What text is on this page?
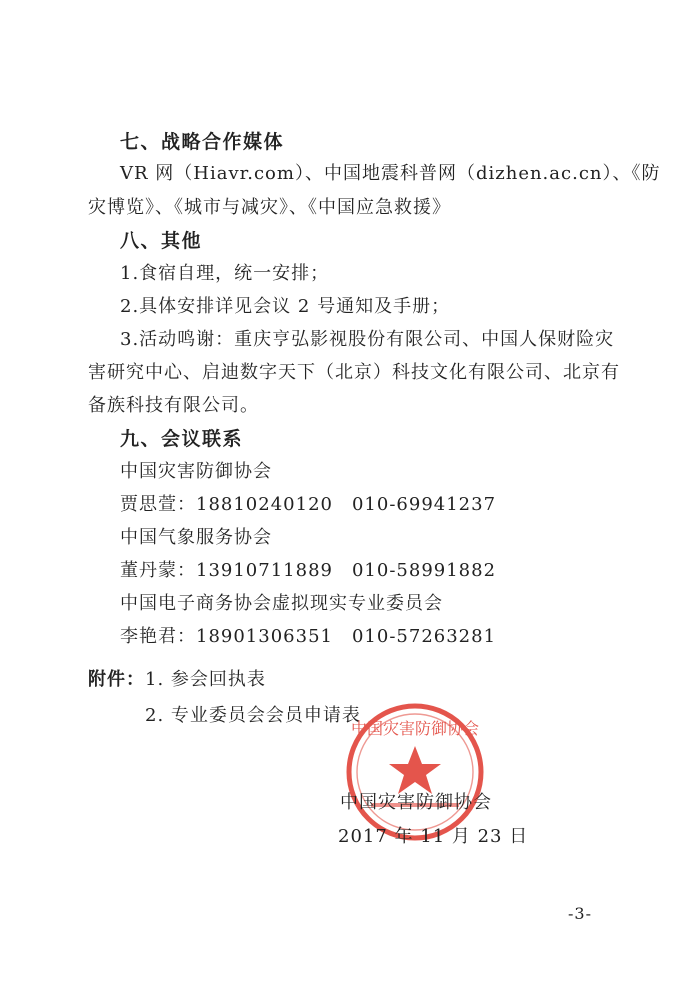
七、战略合作媒体
VR 网（Hiavr.com）、中国地震科普网（dizhen.ac.cn）、《防
灾博览》、《城市与减灾》、《中国应急救援》
八、其他
1.食宿自理，统一安排；
2.具体安排详见会议 2 号通知及手册；
3.活动鸣谢：重庆亨弘影视股份有限公司、中国人保财险灾
害研究中心、启迪数字天下（北京）科技文化有限公司、北京有
备族科技有限公司。
九、会议联系
中国灾害防御协会
贾思萱：18810240120　010-69941237
中国气象服务协会
董丹蒙：13910711889　010-58991882
中国电子商务协会虚拟现实专业委员会
李艳君：18901306351　010-57263281
附件：1. 参会回执表
2. 专业委员会会员申请表
中国灾害防御协会
中国灾害防御协会
2017 年 11 月 23 日
-3-
